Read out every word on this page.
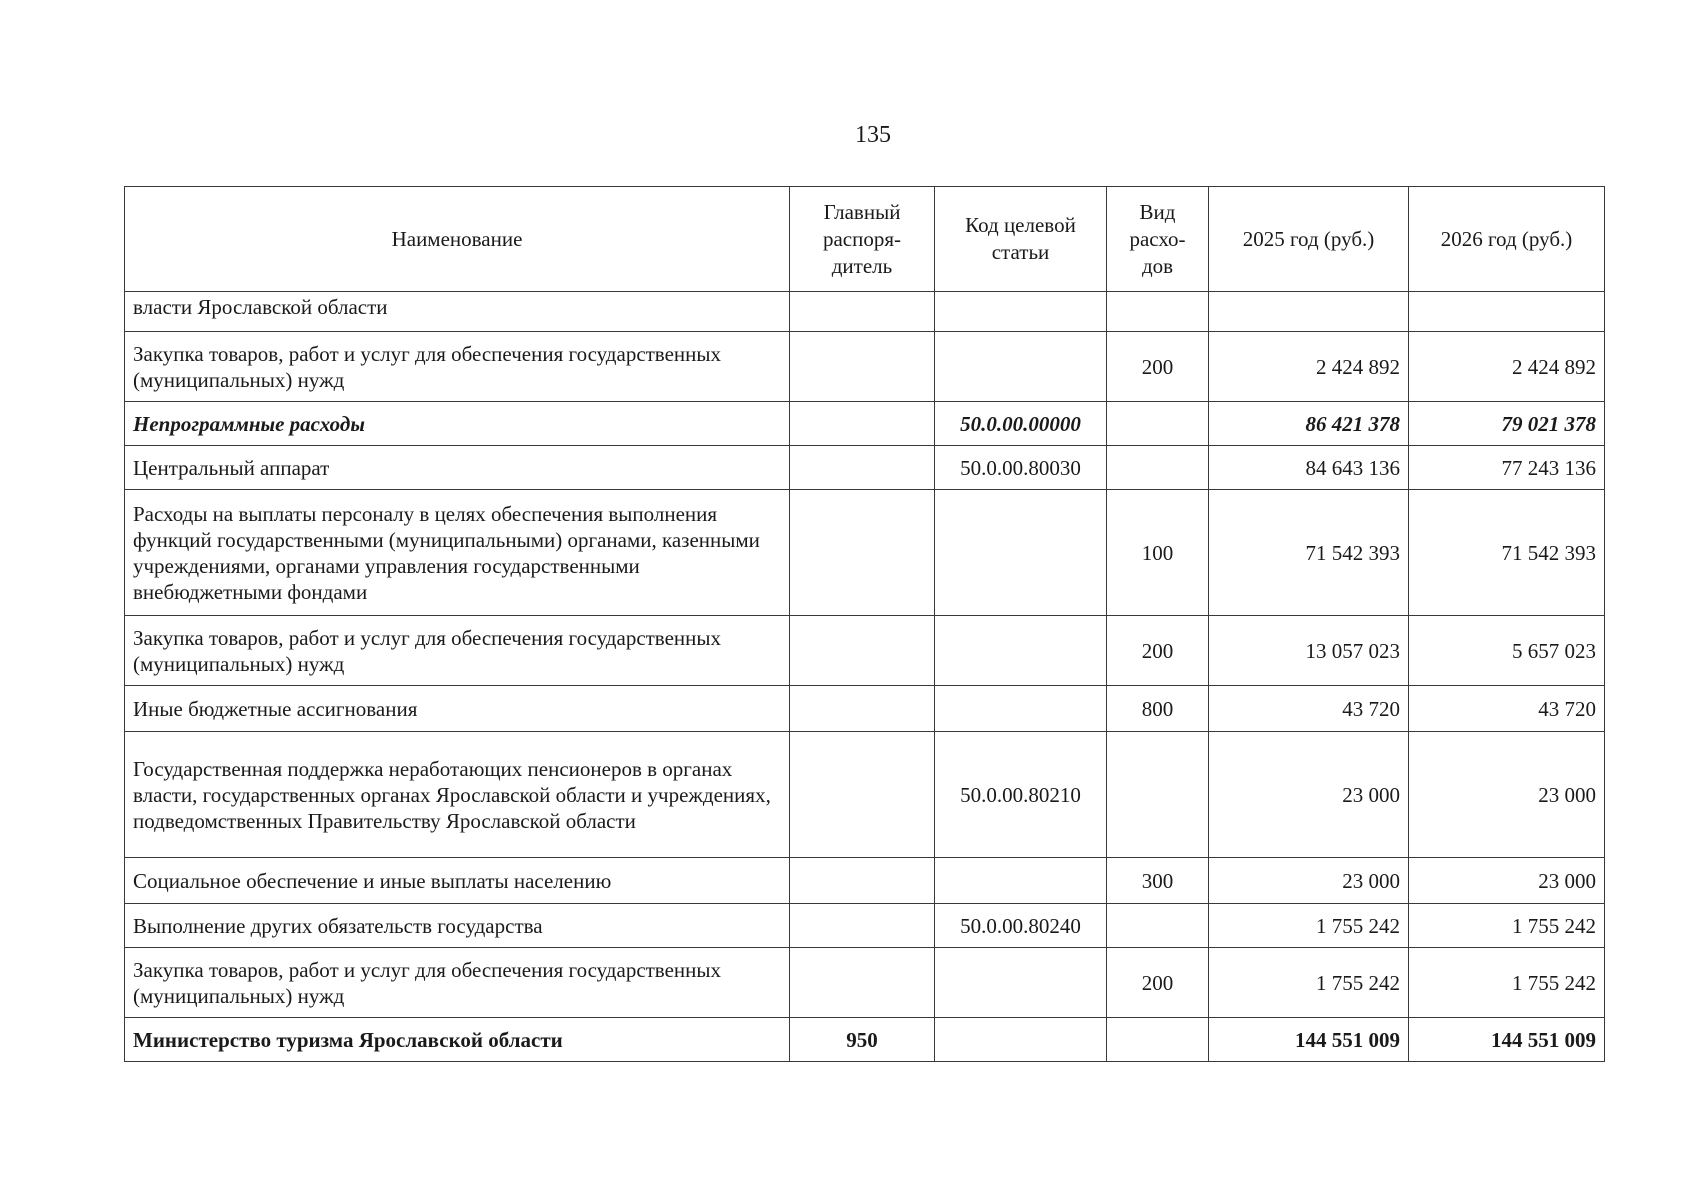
135
Наименование	Главный распоря-дитель	Код целевой статьи	Вид расхо-дов	2025 год (руб.)	2026 год (руб.)
власти Ярославской области					
Закупка товаров, работ и услуг для обеспечения государственных (муниципальных) нужд			200	2 424 892	2 424 892
Непрограммные расходы		50.0.00.00000		86 421 378	79 021 378
Центральный аппарат		50.0.00.80030		84 643 136	77 243 136
Расходы на выплаты персоналу в целях обеспечения выполнения функций государственными (муниципальными) органами, казенными учреждениями, органами управления государственными внебюджетными фондами			100	71 542 393	71 542 393
Закупка товаров, работ и услуг для обеспечения государственных (муниципальных) нужд			200	13 057 023	5 657 023
Иные бюджетные ассигнования			800	43 720	43 720
Государственная поддержка неработающих пенсионеров в органах власти, государственных органах Ярославской области и учреждениях, подведомственных Правительству Ярославской области		50.0.00.80210		23 000	23 000
Социальное обеспечение и иные выплаты населению			300	23 000	23 000
Выполнение других обязательств государства		50.0.00.80240		1 755 242	1 755 242
Закупка товаров, работ и услуг для обеспечения государственных (муниципальных) нужд			200	1 755 242	1 755 242
Министерство туризма Ярославской области	950			144 551 009	144 551 009
